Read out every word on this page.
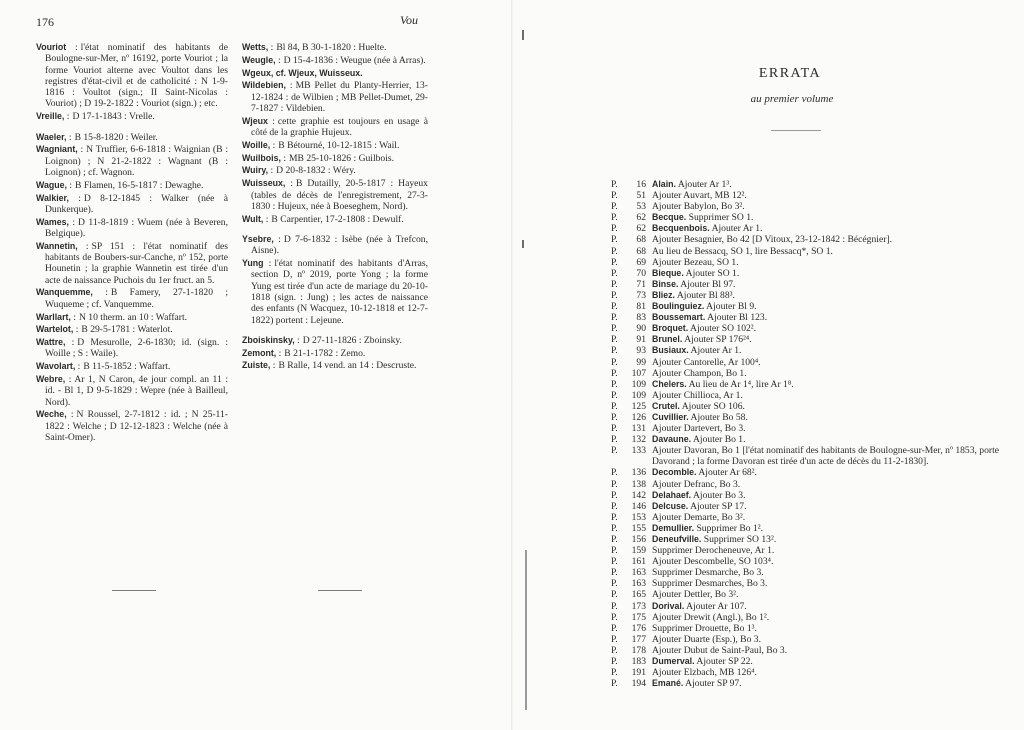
176	Vou

Vouriot : l'état nominatif des habitants de Boulogne-sur-Mer, nº 16192, porte Vouriot ; la forme Vouriot alterne avec Voultot dans les registres d'état-civil et de catholicité : N 1-9-1816 : Voultot (sign.; II Saint-Nicolas : Vouriot) ; D 19-2-1822 : Vouriot (sign.) ; etc.

Vreille, : D 17-1-1843 : Vrelle.

Waeler, : B 15-8-1820 : Weiler.

Wagniant, : N Truffier, 6-6-1818 : Waignian (B : Loignon) ; N 21-2-1822 : Wagnant (B : Loignon) ; cf. Wagnon.

Wague, : B Flamen, 16-5-1817 : Dewaghe.

Walkier, : D 8-12-1845 : Walker (née à Dunkerque).

Wames, : D 11-8-1819 : Wuem (née à Beveren, Belgique).

Wannetin, : SP 151 : l'état nominatif des habitants de Boubers-sur-Canche, nº 152, porte Hounetin ; la graphie Wannetin est tirée d'un acte de naissance Puchois du 1er fruct. an 5.

Wanquemme, : B Famery, 27-1-1820 ; Wuqueme ; cf. Vanquemme.

Warllart, : N 10 therm. an 10 : Waffart.

Wartelot, : B 29-5-1781 : Waterlot.

Wattre, : D Mesurolle, 2-6-1830; id. (sign. : Woille ; S : Waile).

Wavolart, : B 11-5-1852 : Waffart.

Webre, : Ar 1, N Caron, 4e jour compl. an 11 : id. - Bl 1, D 9-5-1829 : Wepre (née à Bailleul, Nord).

Weche, : N Roussel, 2-7-1812 : id. ; N 25-11-1822 : Welche ; D 12-12-1823 : Welche (née à Saint-Omer).

Wetts, : Bl 84, B 30-1-1820 : Huelte.

Weugle, : D 15-4-1836 : Weugue (née à Arras).

Wgeux, cf. Wjeux, Wuisseux.

Wildebien, : MB Pellet du Planty-Herrier, 13-12-1824 : de Wilbien ; MB Pellet-Dumet, 29-7-1827 : Vildebien.

Wjeux : cette graphie est toujours en usage à côté de la graphie Hujeux.

Woille, : B Bétourné, 10-12-1815 : Wail.

Wuilbois, : MB 25-10-1826 : Guilbois.

Wuiry, : D 20-8-1832 : Wéry.

Wuisseux, : B Dutailly, 20-5-1817 : Hayeux (tables de décès de l'enregistrement, 27-3-1830 : Hujeux, née à Boeseghem, Nord).

Wult, : B Carpentier, 17-2-1808 : Dewulf.

Ysebre, : D 7-6-1832 : Isèbe (née à Trefcon, Aisne).

Yung : l'état nominatif des habitants d'Arras, section D, nº 2019, porte Yong ; la forme Yung est tirée d'un acte de mariage du 20-10-1818 (sign. : Jung) ; les actes de naissance des enfants (N Wacquez, 10-12-1818 et 12-7-1822) portent : Lejeune.

Zboiskinsky, : D 27-11-1826 : Zboinsky.

Zemont, : B 21-1-1782 : Zemo.

Zuiste, : B Ralle, 14 vend. an 14 : Descruste.

ERRATA
au premier volume
P.	16 Alain. Ajouter Ar 1³.
P.	51 Ajouter Auvart, MB 12².
P.	53 Ajouter Babylon, Bo 3².
P.	62 Becque. Supprimer SO 1.
P.	62 Becquenbois. Ajouter Ar 1.
P.	68 Ajouter Besagnier, Bo 42 [D Vitoux, 23-12-1842 : Bécégnier].
P.	68 Au lieu de Bessacq, SO 1, lire Bessacq*, SO 1.
P.	69 Ajouter Bezeau, SO 1.
P.	70 Bieque. Ajouter SO 1.
P.	71 Binse. Ajouter Bl 97.
P.	73 Bliez. Ajouter Bl 88³.
P.	81 Boulinguiez. Ajouter Bl 9.
P.	83 Boussemart. Ajouter Bl 123.
P.	90 Broquet. Ajouter SO 102².
P.	91 Brunel. Ajouter SP 176²⁴.
P.	93 Busiaux. Ajouter Ar 1.
P.	99 Ajouter Cantorelle, Ar 100⁴.
P.	107 Ajouter Champon, Bo 1.
P.	109 Chelers. Au lieu de Ar 1⁴, lire Ar 1⁸.
P.	109 Ajouter Chillioca, Ar 1.
P.	125 Crutel. Ajouter SO 106.
P.	126 Cuvillier. Ajouter Bo 58.
P.	131 Ajouter Dartevert, Bo 3.
P.	132 Davaune. Ajouter Bo 1.
P.	133 Ajouter Davoran, Bo 1 [l'état nominatif des habitants de Boulogne-sur-Mer, nº 1853, porte Davorand ; la forme Davoran est tirée d'un acte de décès du 11-2-1830].
P.	136 Decomble. Ajouter Ar 68².
P.	138 Ajouter Defranc, Bo 3.
P.	142 Delahaef. Ajouter Bo 3.
P.	146 Delcuse. Ajouter SP 17.
P.	153 Ajouter Demarte, Bo 3².
P.	155 Demullier. Supprimer Bo 1².
P.	156 Deneufville. Supprimer SO 13².
P.	159 Supprimer Derocheneuve, Ar 1.
P.	161 Ajouter Descombelle, SO 103⁴.
P.	163 Supprimer Desmarche, Bo 3.
P.	163 Supprimer Desmarches, Bo 3.
P.	165 Ajouter Dettler, Bo 3².
P.	173 Dorival. Ajouter Ar 107.
P.	175 Ajouter Drewit (Angl.), Bo 1².
P.	176 Supprimer Drouette, Bo 1³.
P.	177 Ajouter Duarte (Esp.), Bo 3.
P.	178 Ajouter Dubut de Saint-Paul, Bo 3.
P.	183 Dumerval. Ajouter SP 22.
P.	191 Ajouter Elzbach, MB 126⁴.
P.	194 Emané. Ajouter SP 97.
